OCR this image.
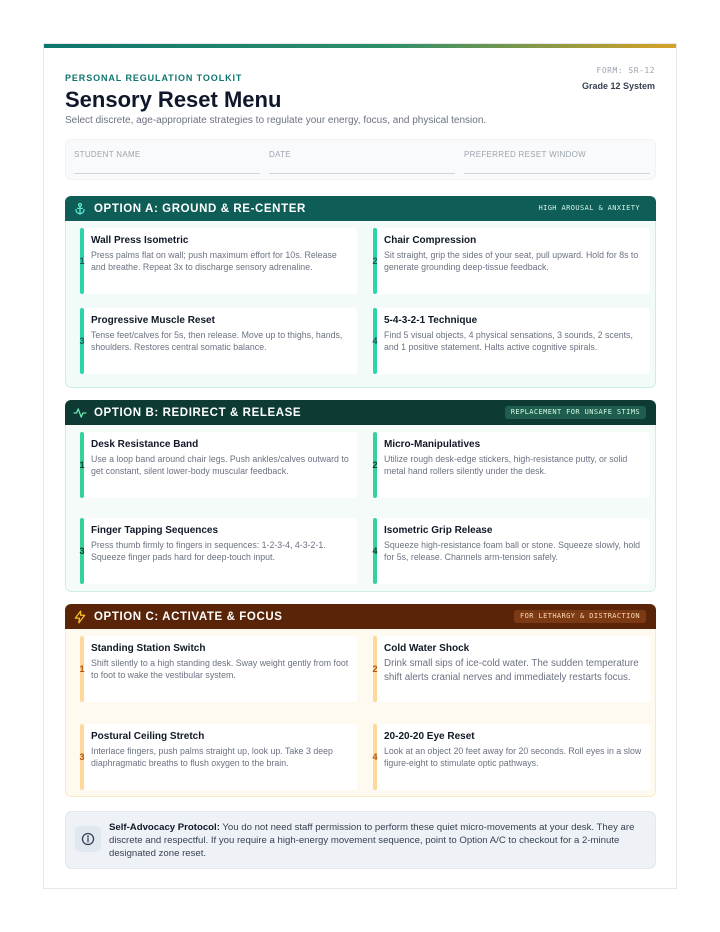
FORM: SR-12
Grade 12 System
PERSONAL REGULATION TOOLKIT
Sensory Reset Menu
Select discrete, age-appropriate strategies to regulate your energy, focus, and physical tension.
STUDENT NAME	DATE	PREFERRED RESET WINDOW
OPTION A: GROUND & RE-CENTER	HIGH AROUSAL & ANXIETY
1
Wall Press Isometric
Press palms flat on wall; push maximum effort for 10s. Release and breathe. Repeat 3x to discharge sensory adrenaline.
2
Chair Compression
Sit straight, grip the sides of your seat, pull upward. Hold for 8s to generate grounding deep-tissue feedback.
3
Progressive Muscle Reset
Tense feet/calves for 5s, then release. Move up to thighs, hands, shoulders. Restores central somatic balance.
4
5-4-3-2-1 Technique
Find 5 visual objects, 4 physical sensations, 3 sounds, 2 scents, and 1 positive statement. Halts active cognitive spirals.
OPTION B: REDIRECT & RELEASE	REPLACEMENT FOR UNSAFE STIMS
1
Desk Resistance Band
Use a loop band around chair legs. Push ankles/calves outward to get constant, silent lower-body muscular feedback.
2
Micro-Manipulatives
Utilize rough desk-edge stickers, high-resistance putty, or solid metal hand rollers silently under the desk.
3
Finger Tapping Sequences
Press thumb firmly to fingers in sequences: 1-2-3-4, 4-3-2-1. Squeeze finger pads hard for deep-touch input.
4
Isometric Grip Release
Squeeze high-resistance foam ball or stone. Squeeze slowly, hold for 5s, release. Channels arm-tension safely.
OPTION C: ACTIVATE & FOCUS	FOR LETHARGY & DISTRACTION
1
Standing Station Switch
Shift silently to a high standing desk. Sway weight gently from foot to foot to wake the vestibular system.
2
Cold Water Shock
Drink small sips of ice-cold water. The sudden temperature shift alerts cranial nerves and immediately restarts focus.
3
Postural Ceiling Stretch
Interlace fingers, push palms straight up, look up. Take 3 deep diaphragmatic breaths to flush oxygen to the brain.
4
20-20-20 Eye Reset
Look at an object 20 feet away for 20 seconds. Roll eyes in a slow figure-eight to stimulate optic pathways.
Self-Advocacy Protocol: You do not need staff permission to perform these quiet micro-movements at your desk. They are discrete and respectful. If you require a high-energy movement sequence, point to Option A/C to checkout for a 2-minute designated zone reset.
